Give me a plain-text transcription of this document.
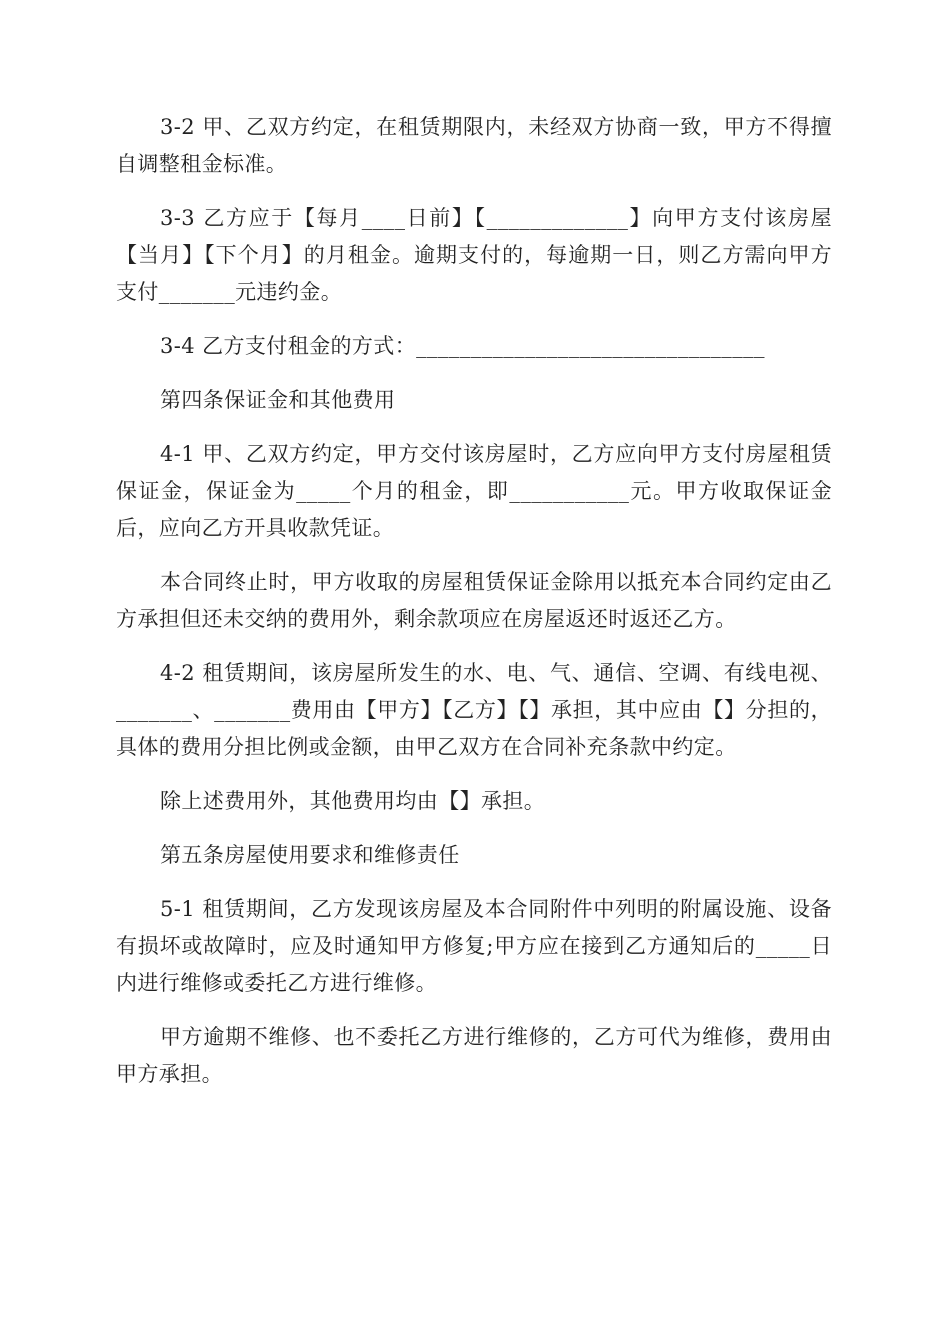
3-2 甲、乙双方约定，在租赁期限内，未经双方协商一致，甲方不得擅自调整租金标准。

3-3 乙方应于【每月____日前】【_____________】向甲方支付该房屋【当月】【下个月】的月租金。逾期支付的，每逾期一日，则乙方需向甲方支付_______元违约金。

3-4 乙方支付租金的方式：________________________________

第四条保证金和其他费用

4-1 甲、乙双方约定，甲方交付该房屋时，乙方应向甲方支付房屋租赁保证金，保证金为_____个月的租金，即___________元。甲方收取保证金后，应向乙方开具收款凭证。

本合同终止时，甲方收取的房屋租赁保证金除用以抵充本合同约定由乙方承担但还未交纳的费用外，剩余款项应在房屋返还时返还乙方。

4-2 租赁期间，该房屋所发生的水、电、气、通信、空调、有线电视、_______、_______费用由【甲方】【乙方】【】承担，其中应由【】分担的，具体的费用分担比例或金额，由甲乙双方在合同补充条款中约定。

除上述费用外，其他费用均由【】承担。

第五条房屋使用要求和维修责任

5-1 租赁期间，乙方发现该房屋及本合同附件中列明的附属设施、设备有损坏或故障时，应及时通知甲方修复;甲方应在接到乙方通知后的_____日内进行维修或委托乙方进行维修。

甲方逾期不维修、也不委托乙方进行维修的，乙方可代为维修，费用由甲方承担。
